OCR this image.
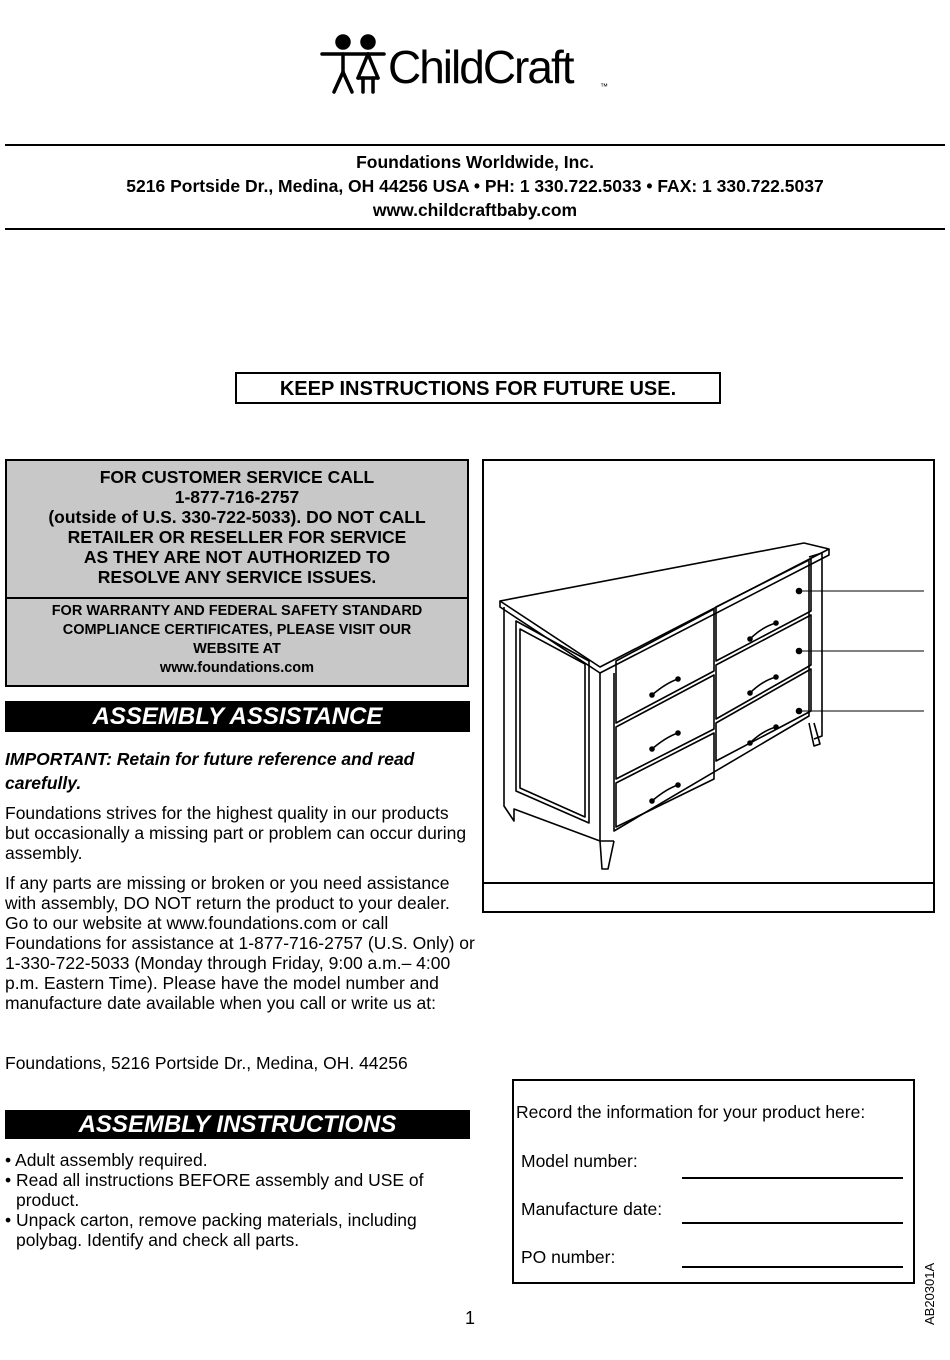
ChildCraft	™
Foundations Worldwide, Inc.
5216 Portside Dr., Medina, OH 44256 USA • PH: 1 330.722.5033 • FAX: 1 330.722.5037
www.childcraftbaby.com
KEEP INSTRUCTIONS FOR FUTURE USE.
FOR CUSTOMER SERVICE CALL
1-877-716-2757
(outside of U.S. 330-722-5033). DO NOT CALL
RETAILER OR RESELLER FOR SERVICE
AS THEY ARE NOT AUTHORIZED TO
RESOLVE ANY SERVICE ISSUES.
FOR WARRANTY AND FEDERAL SAFETY STANDARD
COMPLIANCE CERTIFICATES, PLEASE VISIT OUR
WEBSITE AT
www.foundations.com
ASSEMBLY ASSISTANCE
IMPORTANT: Retain for future reference and read carefully.
Foundations strives for the highest quality in our products but occasionally a missing part or problem can occur during assembly.
If any parts are missing or broken or you need assistance with assembly, DO NOT return the product to your dealer. Go to our website at www.foundations.com or call Foundations for assistance at 1-877-716-2757 (U.S. Only) or 1-330-722-5033 (Monday through Friday, 9:00 a.m.– 4:00 p.m. Eastern Time). Please have the model number and manufacture date available when you call or write us at:
Foundations, 5216 Portside Dr., Medina, OH. 44256
ASSEMBLY INSTRUCTIONS
• Adult assembly required.
• Read all instructions BEFORE assembly and USE of product.
• Unpack carton, remove packing materials, including polybag. Identify and check all parts.
Record the information for your product here:
Model number:
Manufacture date:
PO number:
1	AB20301A
